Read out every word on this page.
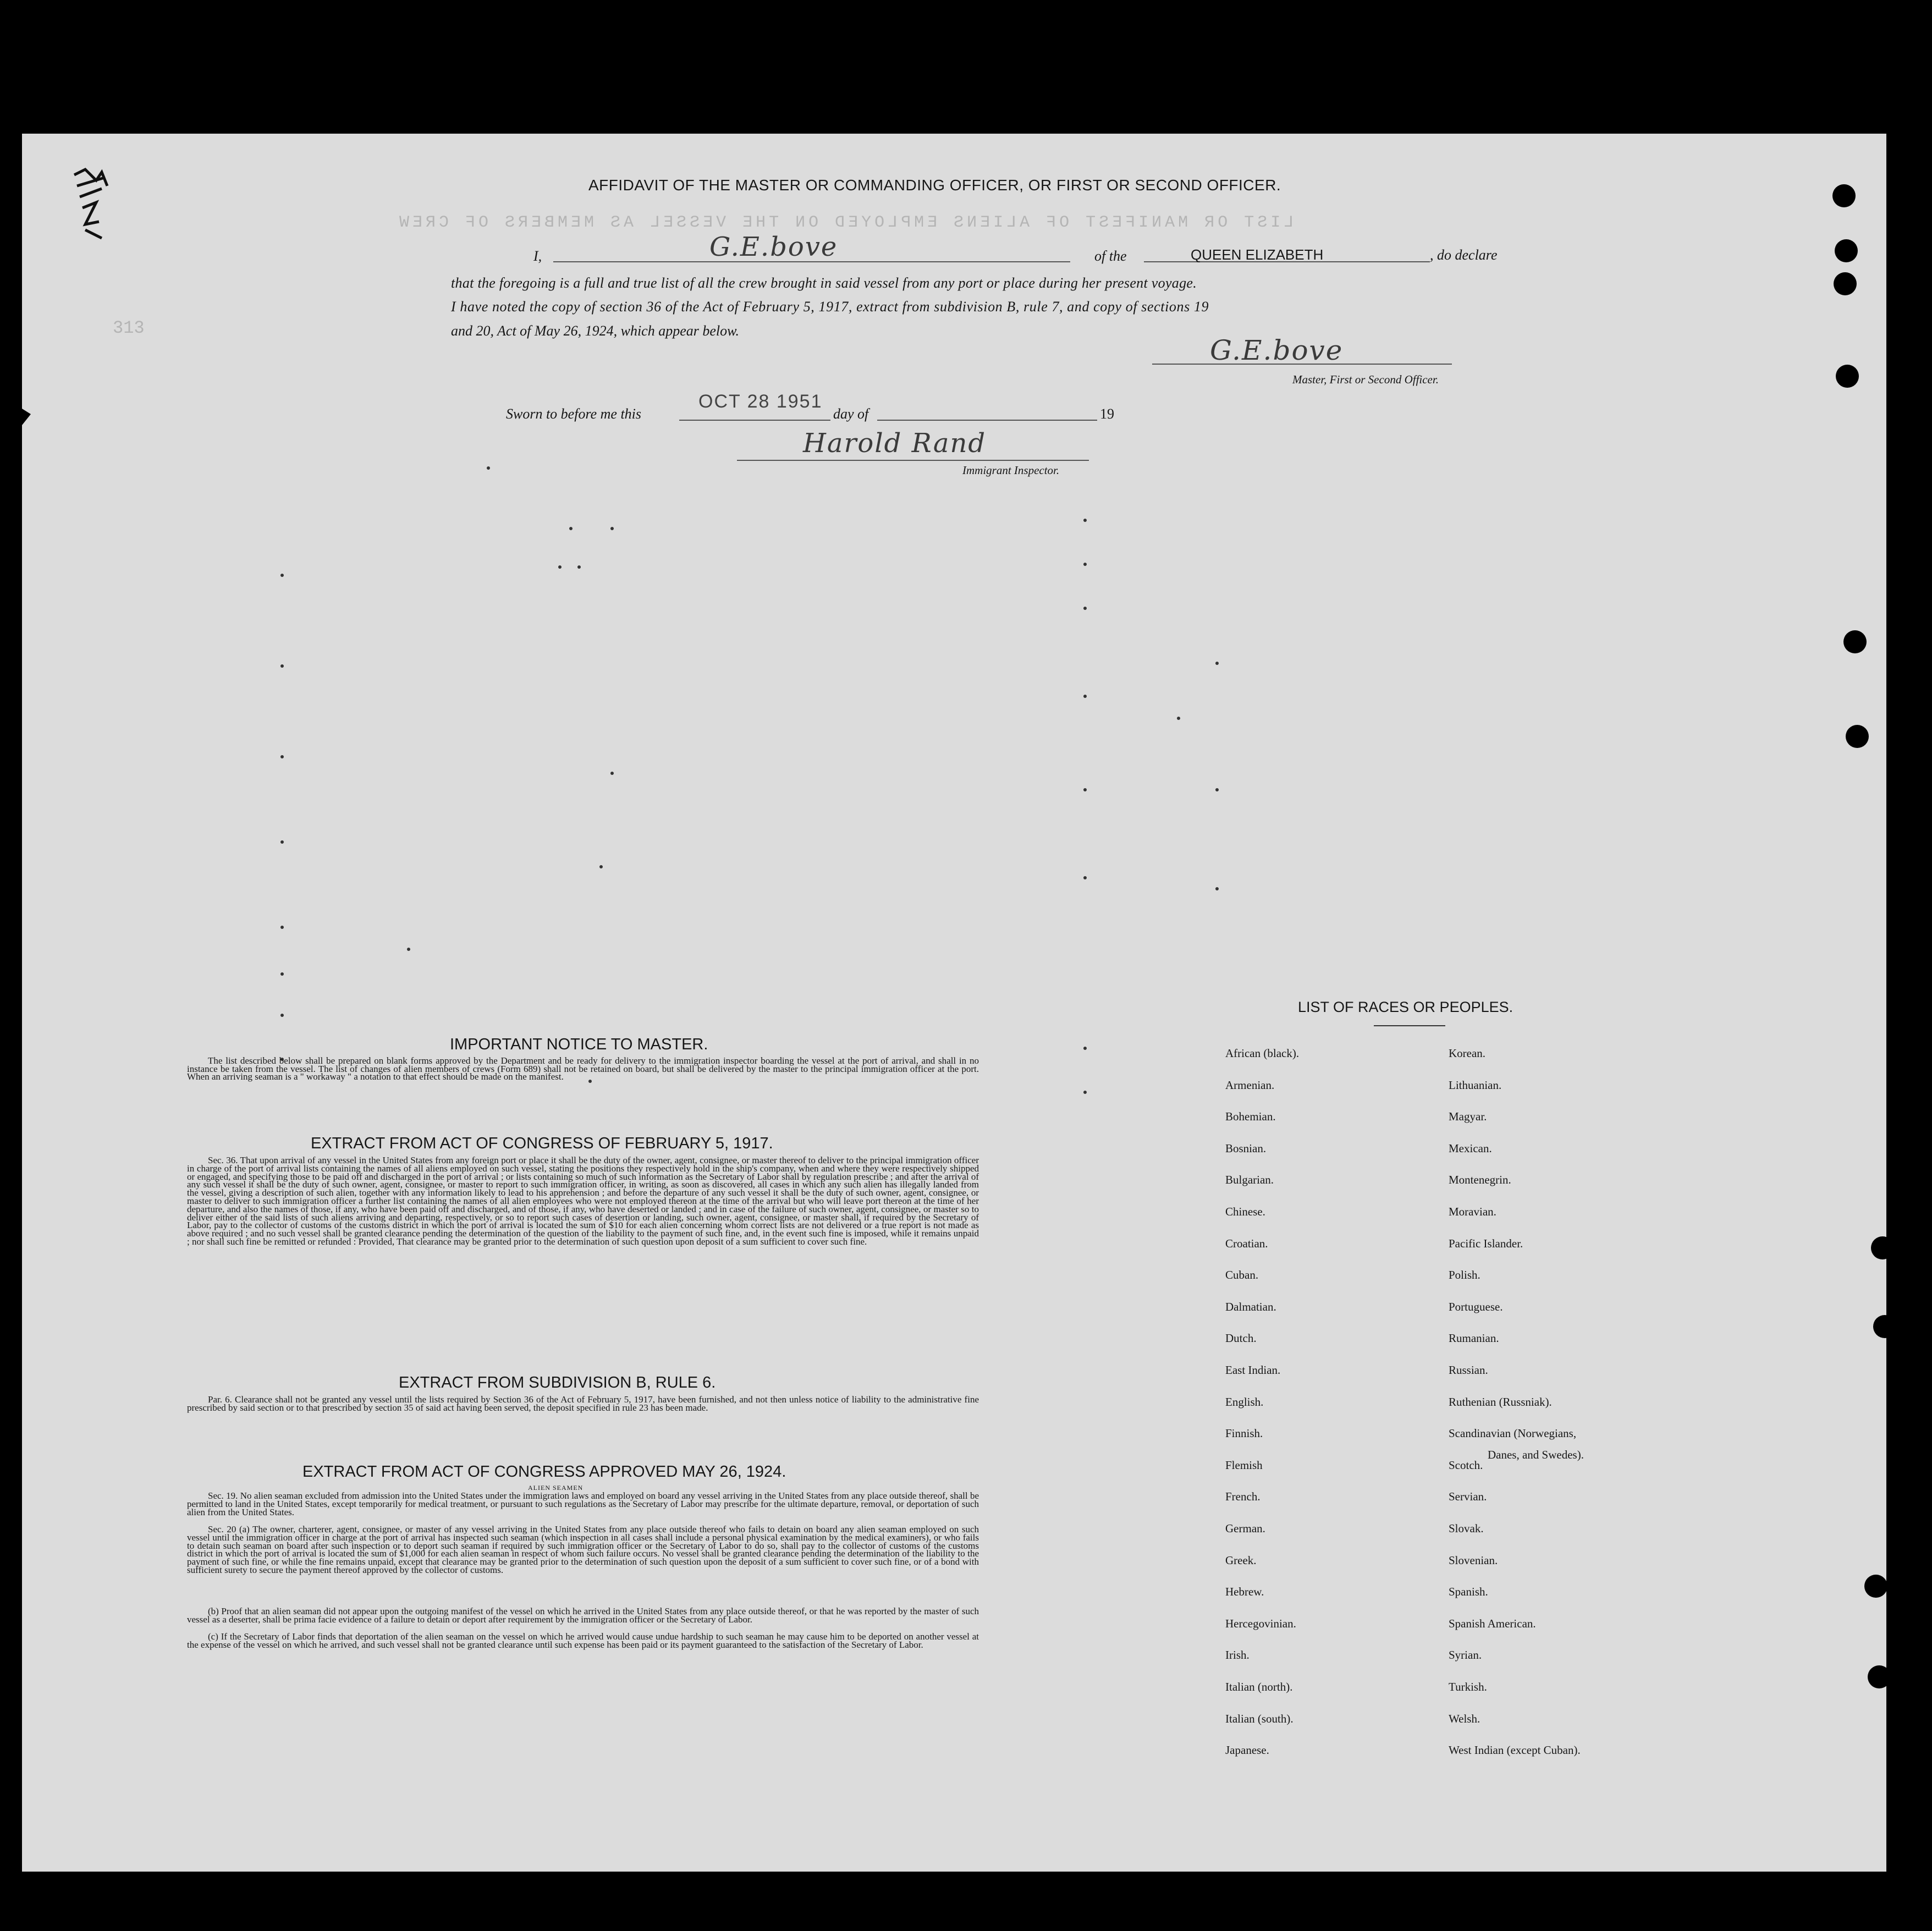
LIST OR MANIFEST OF ALIENS EMPLOYED ON THE VESSEL AS MEMBERS OF CREW
313
AFFIDAVIT OF THE MASTER OR COMMANDING OFFICER, OR FIRST OR SECOND OFFICER.
I,	G.E.bove	of the	QUEEN ELIZABETH	, do declare
that the foregoing is a full and true list of all the crew brought in said vessel from any port or place during her present voyage.
I have noted the copy of section 36 of the Act of February 5, 1917, extract from subdivision B, rule 7, and copy of sections 19
and 20, Act of May 26, 1924, which appear below.
G.E.bove
Master, First or Second Officer.
Sworn to before me this
OCT 28 1951
day of	19
Harold Rand
Immigrant Inspector.
IMPORTANT NOTICE TO MASTER.

The list described below shall be prepared on blank forms approved by the Department and be ready for delivery to the immigration inspector boarding the vessel at the port of arrival, and shall in no instance be taken from the vessel. The list of changes of alien members of crews (Form 689) shall not be retained on board, but shall be delivered by the master to the principal immigration officer at the port. When an arriving seaman is a " workaway " a notation to that effect should be made on the manifest.

EXTRACT FROM ACT OF CONGRESS OF FEBRUARY 5, 1917.

Sec. 36. That upon arrival of any vessel in the United States from any foreign port or place it shall be the duty of the owner, agent, consignee, or master thereof to deliver to the principal immigration officer in charge of the port of arrival lists containing the names of all aliens employed on such vessel, stating the positions they respectively hold in the ship's company, when and where they were respectively shipped or engaged, and specifying those to be paid off and discharged in the port of arrival ; or lists containing so much of such information as the Secretary of Labor shall by regulation prescribe ; and after the arrival of any such vessel it shall be the duty of such owner, agent, consignee, or master to report to such immigration officer, in writing, as soon as discovered, all cases in which any such alien has illegally landed from the vessel, giving a description of such alien, together with any information likely to lead to his apprehension ; and before the departure of any such vessel it shall be the duty of such owner, agent, consignee, or master to deliver to such immigration officer a further list containing the names of all alien employees who were not employed thereon at the time of the arrival but who will leave port thereon at the time of her departure, and also the names of those, if any, who have been paid off and discharged, and of those, if any, who have deserted or landed ; and in case of the failure of such owner, agent, consignee, or master so to deliver either of the said lists of such aliens arriving and departing, respectively, or so to report such cases of desertion or landing, such owner, agent, consignee, or master shall, if required by the Secretary of Labor, pay to the collector of customs of the customs district in which the port of arrival is located the sum of $10 for each alien concerning whom correct lists are not delivered or a true report is not made as above required ; and no such vessel shall be granted clearance pending the determination of the question of the liability to the payment of such fine, and, in the event such fine is imposed, while it remains unpaid ; nor shall such fine be remitted or refunded : Provided, That clearance may be granted prior to the determination of such question upon deposit of a sum sufficient to cover such fine.

EXTRACT FROM SUBDIVISION B, RULE 6.

Par. 6. Clearance shall not be granted any vessel until the lists required by Section 36 of the Act of February 5, 1917, have been furnished, and not then unless notice of liability to the administrative fine prescribed by said section or to that prescribed by section 35 of said act having been served, the deposit specified in rule 23 has been made.

EXTRACT FROM ACT OF CONGRESS APPROVED MAY 26, 1924.
ALIEN SEAMEN

Sec. 19. No alien seaman excluded from admission into the United States under the immigration laws and employed on board any vessel arriving in the United States from any place outside thereof, shall be permitted to land in the United States, except temporarily for medical treatment, or pursuant to such regulations as the Secretary of Labor may prescribe for the ultimate departure, removal, or deportation of such alien from the United States.

Sec. 20 (a) The owner, charterer, agent, consignee, or master of any vessel arriving in the United States from any place outside thereof who fails to detain on board any alien seaman employed on such vessel until the immigration officer in charge at the port of arrival has inspected such seaman (which inspection in all cases shall include a personal physical examination by the medical examiners), or who fails to detain such seaman on board after such inspection or to deport such seaman if required by such immigration officer or the Secretary of Labor to do so, shall pay to the collector of customs of the customs district in which the port of arrival is located the sum of $1,000 for each alien seaman in respect of whom such failure occurs. No vessel shall be granted clearance pending the determination of the liability to the payment of such fine, or while the fine remains unpaid, except that clearance may be granted prior to the determination of such question upon the deposit of a sum sufficient to cover such fine, or of a bond with sufficient surety to secure the payment thereof approved by the collector of customs.

(b) Proof that an alien seaman did not appear upon the outgoing manifest of the vessel on which he arrived in the United States from any place outside thereof, or that he was reported by the master of such vessel as a deserter, shall be prima facie evidence of a failure to detain or deport after requirement by the immigration officer or the Secretary of Labor.

(c) If the Secretary of Labor finds that deportation of the alien seaman on the vessel on which he arrived would cause undue hardship to such seaman he may cause him to be deported on another vessel at the expense of the vessel on which he arrived, and such vessel shall not be granted clearance until such expense has been paid or its payment guaranteed to the satisfaction of the Secretary of Labor.

LIST OF RACES OR PEOPLES.
African (black).
Armenian.
Bohemian.
Bosnian.
Bulgarian.
Chinese.
Croatian.
Cuban.
Dalmatian.
Dutch.
East Indian.
English.
Finnish.
Flemish
French.
German.
Greek.
Hebrew.
Hercegovinian.
Irish.
Italian (north).
Italian (south).
Japanese.
Korean.
Lithuanian.
Magyar.
Mexican.
Montenegrin.
Moravian.
Pacific Islander.
Polish.
Portuguese.
Rumanian.
Russian.
Ruthenian (Russniak).
Scandinavian (Norwegians,
Scotch.
Servian.
Slovak.
Slovenian.
Spanish.
Spanish American.
Syrian.
Turkish.
Welsh.
West Indian (except Cuban).
Danes, and Swedes).
